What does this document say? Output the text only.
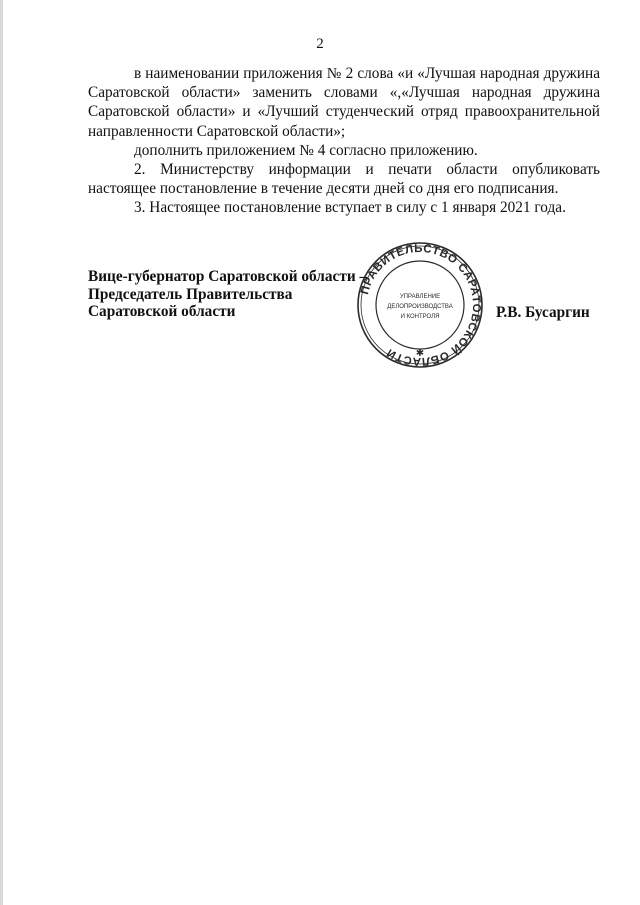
2

в наименовании приложения № 2 слова «и «Лучшая народная дружина Саратовской области» заменить словами «,«Лучшая народная дружина Саратовской области» и «Лучший студенческий отряд правоохранительной направленности Саратовской области»;

дополнить приложением № 4 согласно приложению.

2. Министерству информации и печати области опубликовать настоящее постановление в течение десяти дней со дня его подписания.

3. Настоящее постановление вступает в силу с 1 января 2021 года.

Вице-губернатор Саратовской области –
Председатель Правительства
Саратовской области
ПРАВИТЕЛЬСТВО САРАТОВСКОЙ ОБЛАСТИ
УПРАВЛЕНИЕ
ДЕЛОПРОИЗВОДСТВА
И КОНТРОЛЯ
✱
Р.В. Бусаргин
